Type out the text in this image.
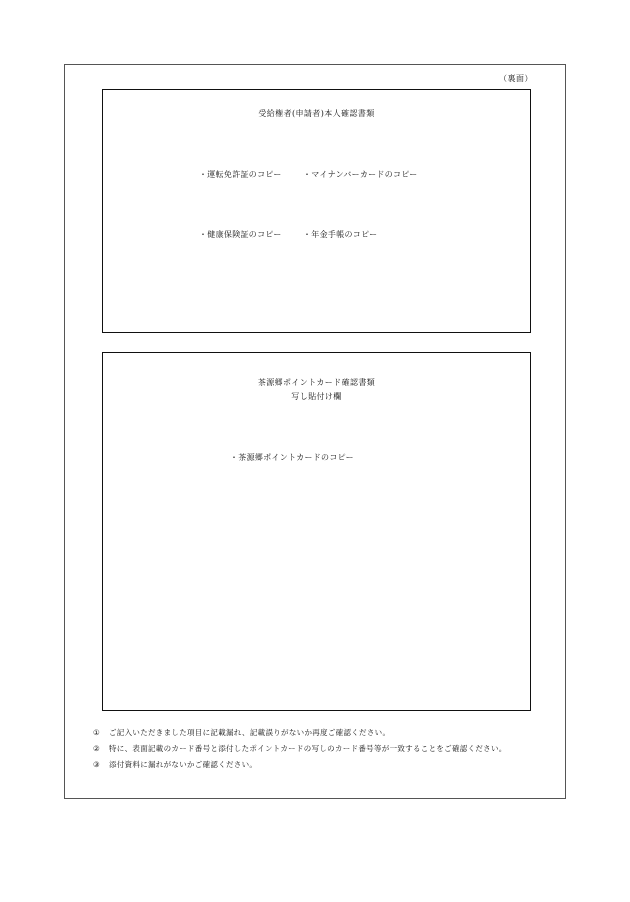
（裏面）
受給権者(申請者)本人確認書類
・運転免許証のコピー	・マイナンバーカードのコピー
・健康保険証のコピー	・年金手帳のコピー
茶源郷ポイントカード確認書類
写し貼付け欄
・茶源郷ポイントカードのコピー
① ご記入いただきました項目に記載漏れ、記載誤りがないか再度ご確認ください。
② 特に、表面記載のカード番号と添付したポイントカードの写しのカード番号等が一致することをご確認ください。
③ 添付資料に漏れがないかご確認ください。
